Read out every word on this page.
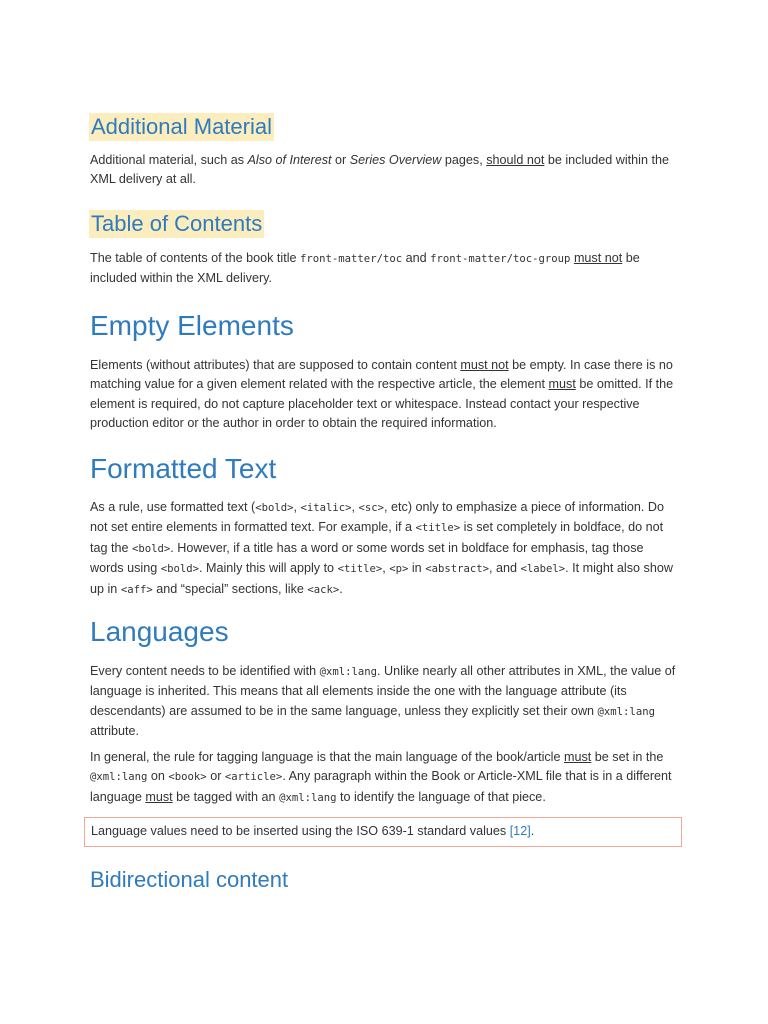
Additional Material
Additional material, such as Also of Interest or Series Overview pages, should not be included within the XML delivery at all.
Table of Contents
The table of contents of the book title front-matter/toc and front-matter/toc-group must not be included within the XML delivery.
Empty Elements
Elements (without attributes) that are supposed to contain content must not be empty. In case there is no matching value for a given element related with the respective article, the element must be omitted. If the element is required, do not capture placeholder text or whitespace. Instead contact your respective production editor or the author in order to obtain the required information.
Formatted Text
As a rule, use formatted text (<bold>, <italic>, <sc>, etc) only to emphasize a piece of information. Do not set entire elements in formatted text. For example, if a <title> is set completely in boldface, do not tag the <bold>. However, if a title has a word or some words set in boldface for emphasis, tag those words using <bold>. Mainly this will apply to <title>, <p> in <abstract>, and <label>. It might also show up in <aff> and “special” sections, like <ack>.
Languages
Every content needs to be identified with @xml:lang. Unlike nearly all other attributes in XML, the value of language is inherited. This means that all elements inside the one with the language attribute (its descendants) are assumed to be in the same language, unless they explicitly set their own @xml:lang attribute.
In general, the rule for tagging language is that the main language of the book/article must be set in the @xml:lang on <book> or <article>. Any paragraph within the Book or Article-XML file that is in a different language must be tagged with an @xml:lang to identify the language of that piece.
Bidirectional content
Language values need to be inserted using the ISO 639-1 standard values [12].
